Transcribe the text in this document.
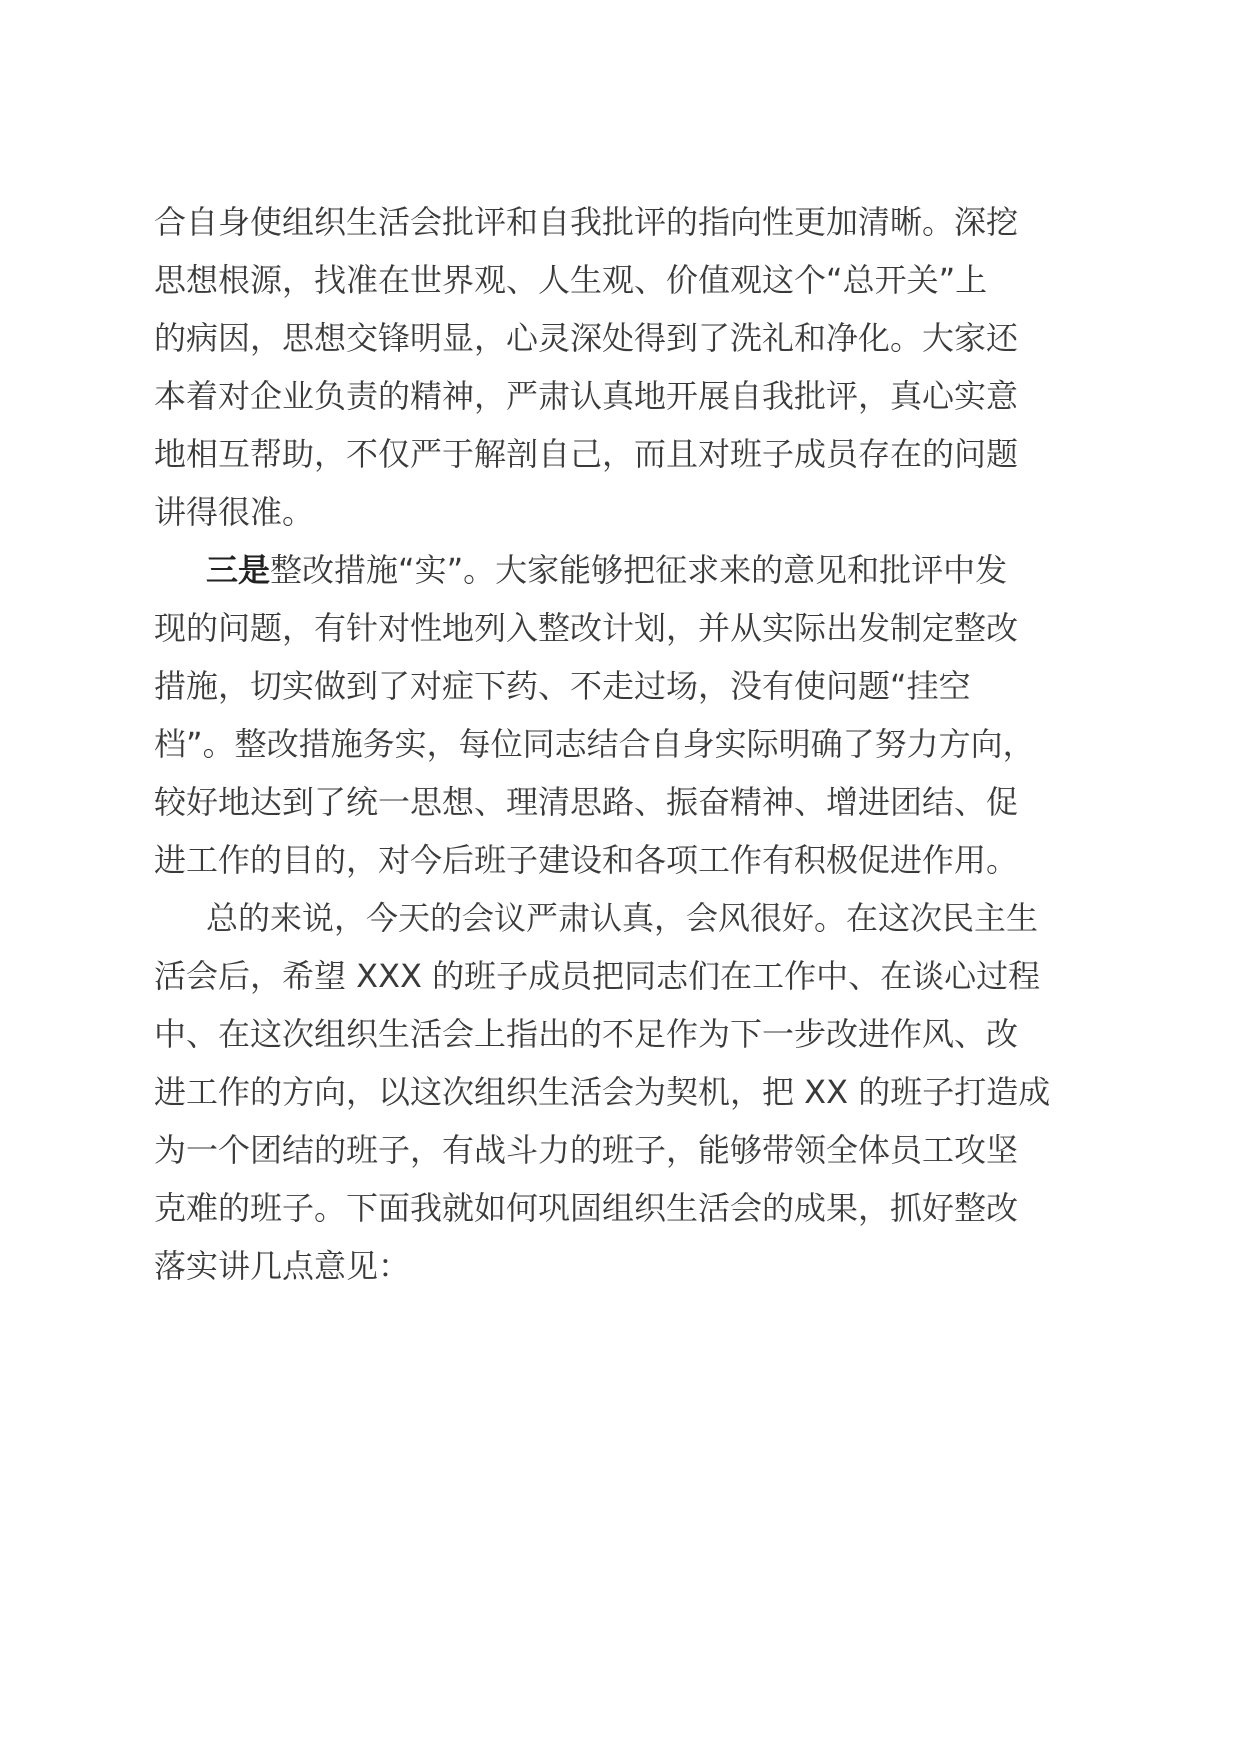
合自身使组织生活会批评和自我批评的指向性更加清晰。深挖
思想根源，找准在世界观、人生观、价值观这个“总开关”上
的病因，思想交锋明显，心灵深处得到了洗礼和净化。大家还
本着对企业负责的精神，严肃认真地开展自我批评，真心实意
地相互帮助，不仅严于解剖自己，而且对班子成员存在的问题
讲得很准。
三是整改措施“实”。大家能够把征求来的意见和批评中发
现的问题，有针对性地列入整改计划，并从实际出发制定整改
措施，切实做到了对症下药、不走过场，没有使问题“挂空
档”。整改措施务实，每位同志结合自身实际明确了努力方向，
较好地达到了统一思想、理清思路、振奋精神、增进团结、促
进工作的目的，对今后班子建设和各项工作有积极促进作用。
总的来说，今天的会议严肃认真，会风很好。在这次民主生
活会后，希望 XXX 的班子成员把同志们在工作中、在谈心过程
中、在这次组织生活会上指出的不足作为下一步改进作风、改
进工作的方向，以这次组织生活会为契机，把 XX 的班子打造成
为一个团结的班子，有战斗力的班子，能够带领全体员工攻坚
克难的班子。下面我就如何巩固组织生活会的成果，抓好整改
落实讲几点意见：
